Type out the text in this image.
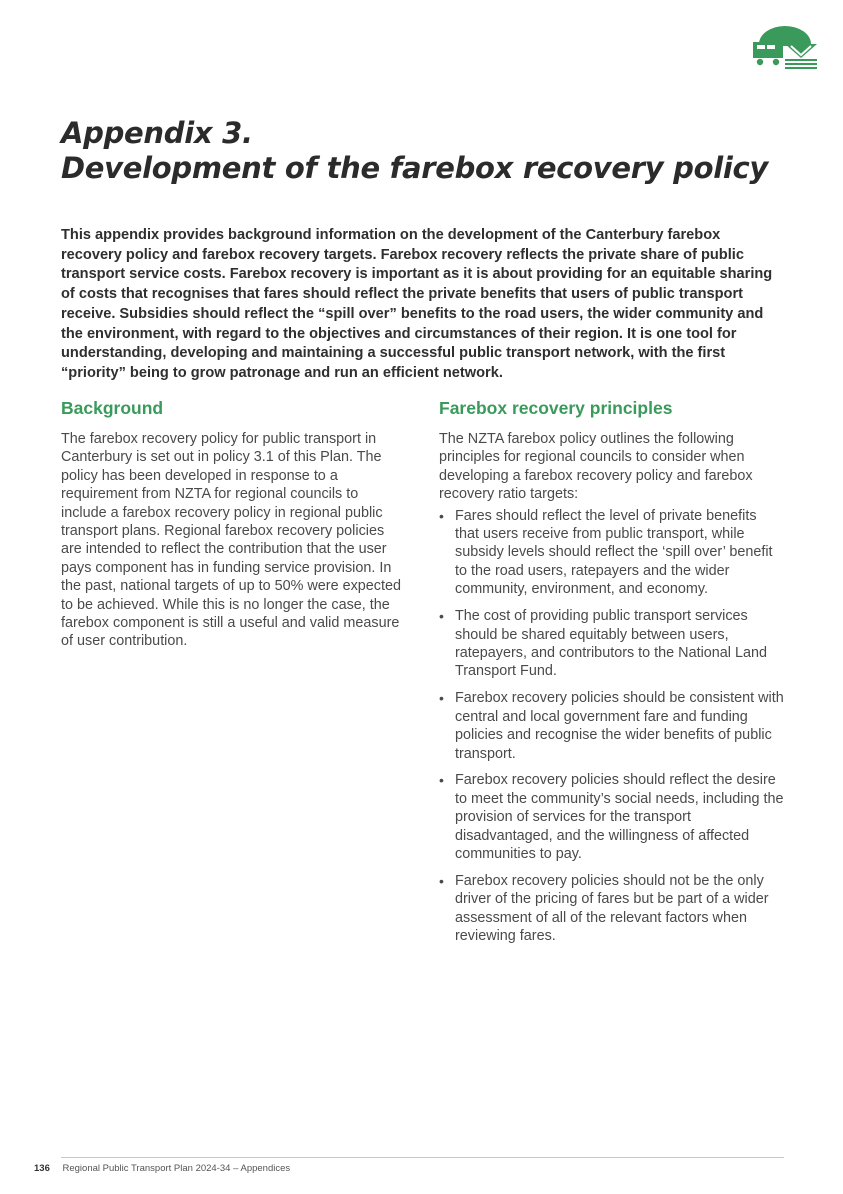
Appendix 3.
Development of the farebox recovery policy

This appendix provides background information on the development of the Canterbury farebox recovery policy and farebox recovery targets. Farebox recovery reflects the private share of public transport service costs. Farebox recovery is important as it is about providing for an equitable sharing of costs that recognises that fares should reflect the private benefits that users of public transport receive. Subsidies should reflect the “spill over” benefits to the road users, the wider community and the environment, with regard to the objectives and circumstances of their region. It is one tool for understanding, developing and maintaining a successful public transport network, with the first “priority” being to grow patronage and run an efficient network.

Background

The farebox recovery policy for public transport in Canterbury is set out in policy 3.1 of this Plan. The policy has been developed in response to a requirement from NZTA for regional councils to include a farebox recovery policy in regional public transport plans. Regional farebox recovery policies are intended to reflect the contribution that the user pays component has in funding service provision. In the past, national targets of up to 50% were expected to be achieved. While this is no longer the case, the farebox component is still a useful and valid measure of user contribution.

Farebox recovery principles

The NZTA farebox policy outlines the following principles for regional councils to consider when developing a farebox recovery policy and farebox recovery ratio targets:

• Fares should reflect the level of private benefits that users receive from public transport, while subsidy levels should reflect the ‘spill over’ benefit to the road users, ratepayers and the wider community, environment, and economy.
• The cost of providing public transport services should be shared equitably between users, ratepayers, and contributors to the National Land Transport Fund.
• Farebox recovery policies should be consistent with central and local government fare and funding policies and recognise the wider benefits of public transport.
• Farebox recovery policies should reflect the desire to meet the community’s social needs, including the provision of services for the transport disadvantaged, and the willingness of affected communities to pay.
• Farebox recovery policies should not be the only driver of the pricing of fares but be part of a wider assessment of all of the relevant factors when reviewing fares.
136 Regional Public Transport Plan 2024-34 – Appendices
